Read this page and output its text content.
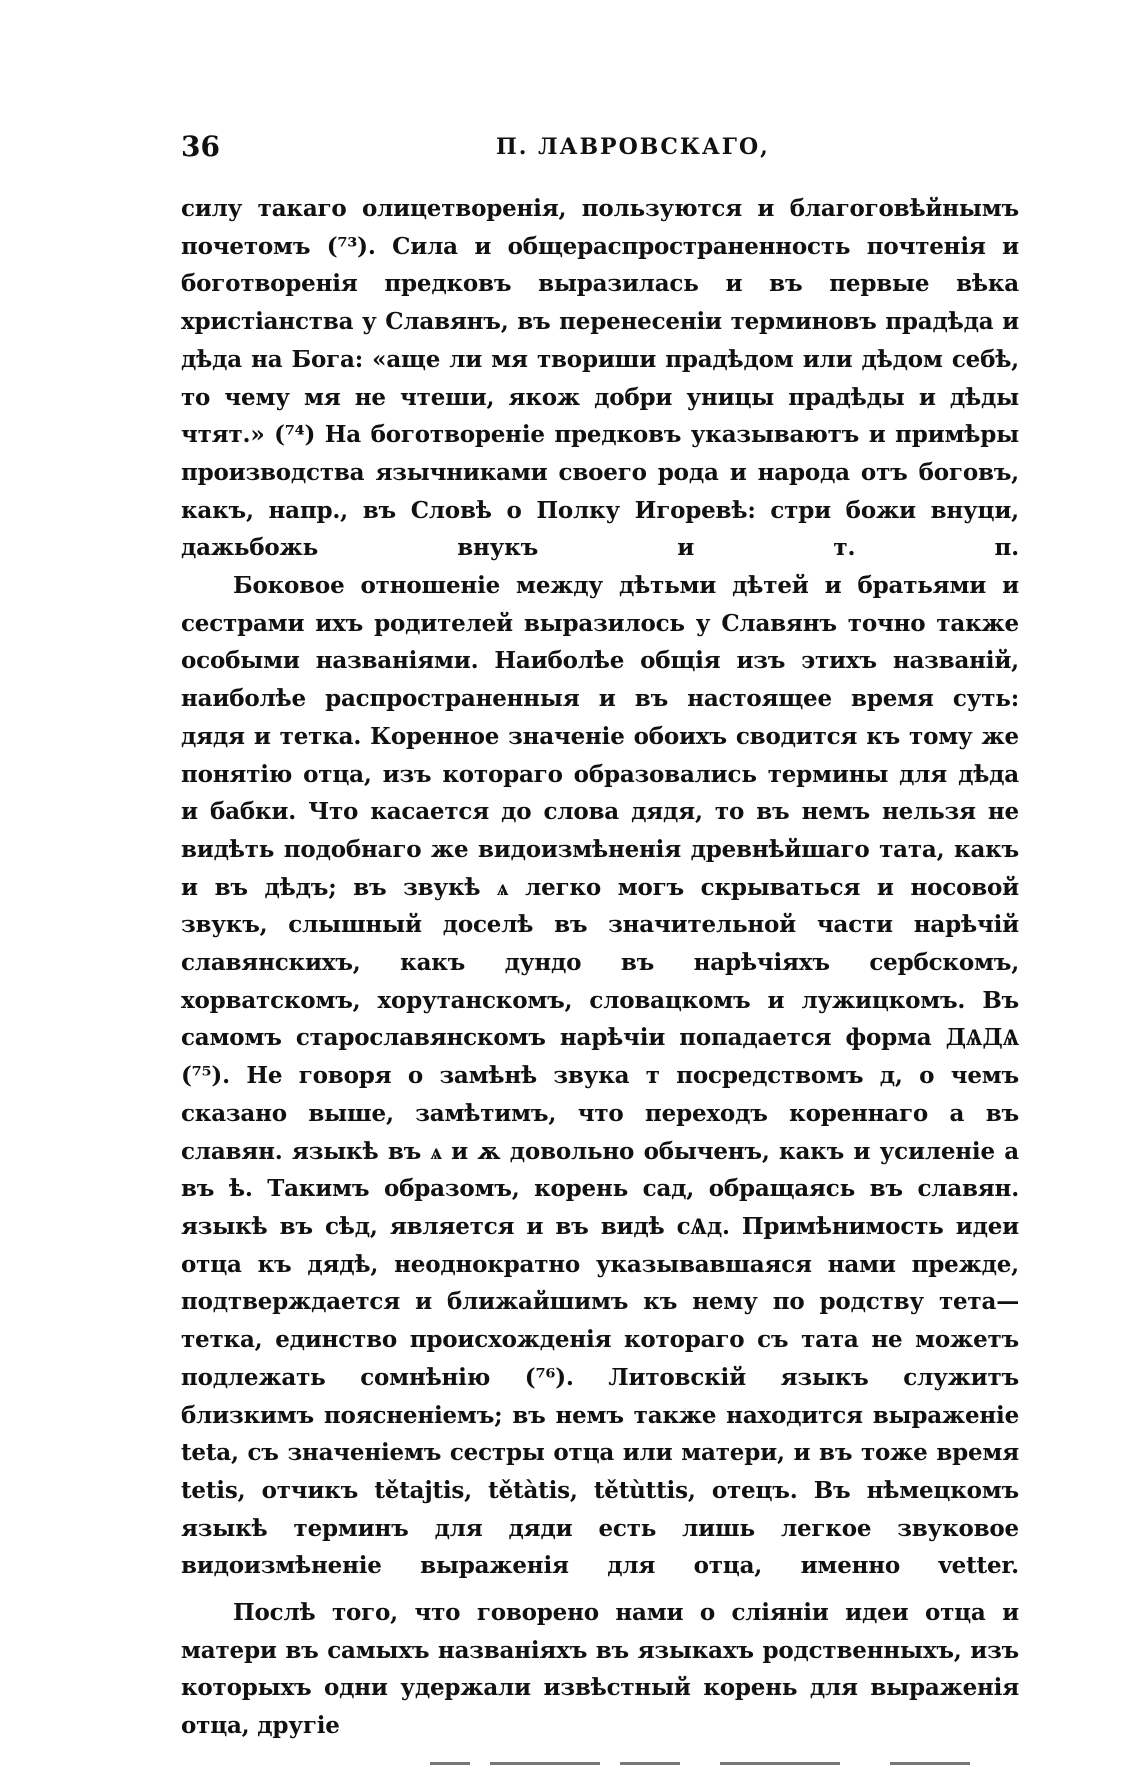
36	П. ЛАВРОВСКАГО,

силу такаго олицетворенія, пользуются и благоговѣйнымъ почетомъ (⁷³). Сила и общераспространенность почтенія и боготворенія предковъ выразилась и въ первые вѣка христіанства у Славянъ, въ перенесеніи терминовъ прадѣда и дѣда на Бога: «аще ли мя твориши прадѣдом или дѣдом себѣ, то чему мя не чтеши, якож добри уницы прадѣды и дѣды чтят.» (⁷⁴) На боготвореніе предковъ указываютъ и примѣры производства язычниками своего рода и народа отъ боговъ, какъ, напр., въ Словѣ о Полку Игоревѣ: стри божи внуци, дажьбожь внукъ и т. п.

Боковое отношеніе между дѣтьми дѣтей и братьями и сестрами ихъ родителей выразилось у Славянъ точно также особыми названіями. Наиболѣе общія изъ этихъ названій, наиболѣе распространенныя и въ настоящее время суть: дядя и тетка. Коренное значеніе обоихъ сводится къ тому же понятію отца, изъ котораго образовались термины для дѣда и бабки. Что касается до слова дядя, то въ немъ нельзя не видѣть подобнаго же видоизмѣненія древнѣйшаго тата, какъ и въ дѣдъ; въ звукѣ ѧ легко могъ скрываться и носовой звукъ, слышный доселѣ въ значительной части нарѣчій славянскихъ, какъ дундо въ нарѣчіяхъ сербскомъ, хорватскомъ, хорутанскомъ, словацкомъ и лужицкомъ. Въ самомъ старославянскомъ нарѣчіи попадается форма ДѦДѦ (⁷⁵). Не говоря о замѣнѣ звука т посредствомъ д, о чемъ сказано выше, замѣтимъ, что переходъ кореннаго а въ славян. языкѣ въ ѧ и ѫ довольно обыченъ, какъ и усиленіе а въ ѣ. Такимъ образомъ, корень сад, обращаясь въ славян. языкѣ въ сѣд, является и въ видѣ сѦд. Примѣнимость идеи отца къ дядѣ, неоднократно указывавшаяся нами прежде, подтверждается и ближайшимъ къ нему по родству тета—тетка, единство происхожденія котораго съ тата не можетъ подлежать сомнѣнію (⁷⁶). Литовскій языкъ служитъ близкимъ поясненіемъ; въ немъ также находится выраженіе teta, съ значеніемъ сестры отца или матери, и въ тоже время tetis, отчикъ tětajtis, tětàtis, tětùttis, отецъ. Въ нѣмецкомъ языкѣ терминъ для дяди есть лишь легкое звуковое видоизмѣненіе выраженія для отца, именно vetter.

Послѣ того, что говорено нами о сліяніи идеи отца и матери въ самыхъ названіяхъ въ языкахъ родственныхъ, изъ которыхъ одни удержали извѣстный корень для выраженія отца, другіе
